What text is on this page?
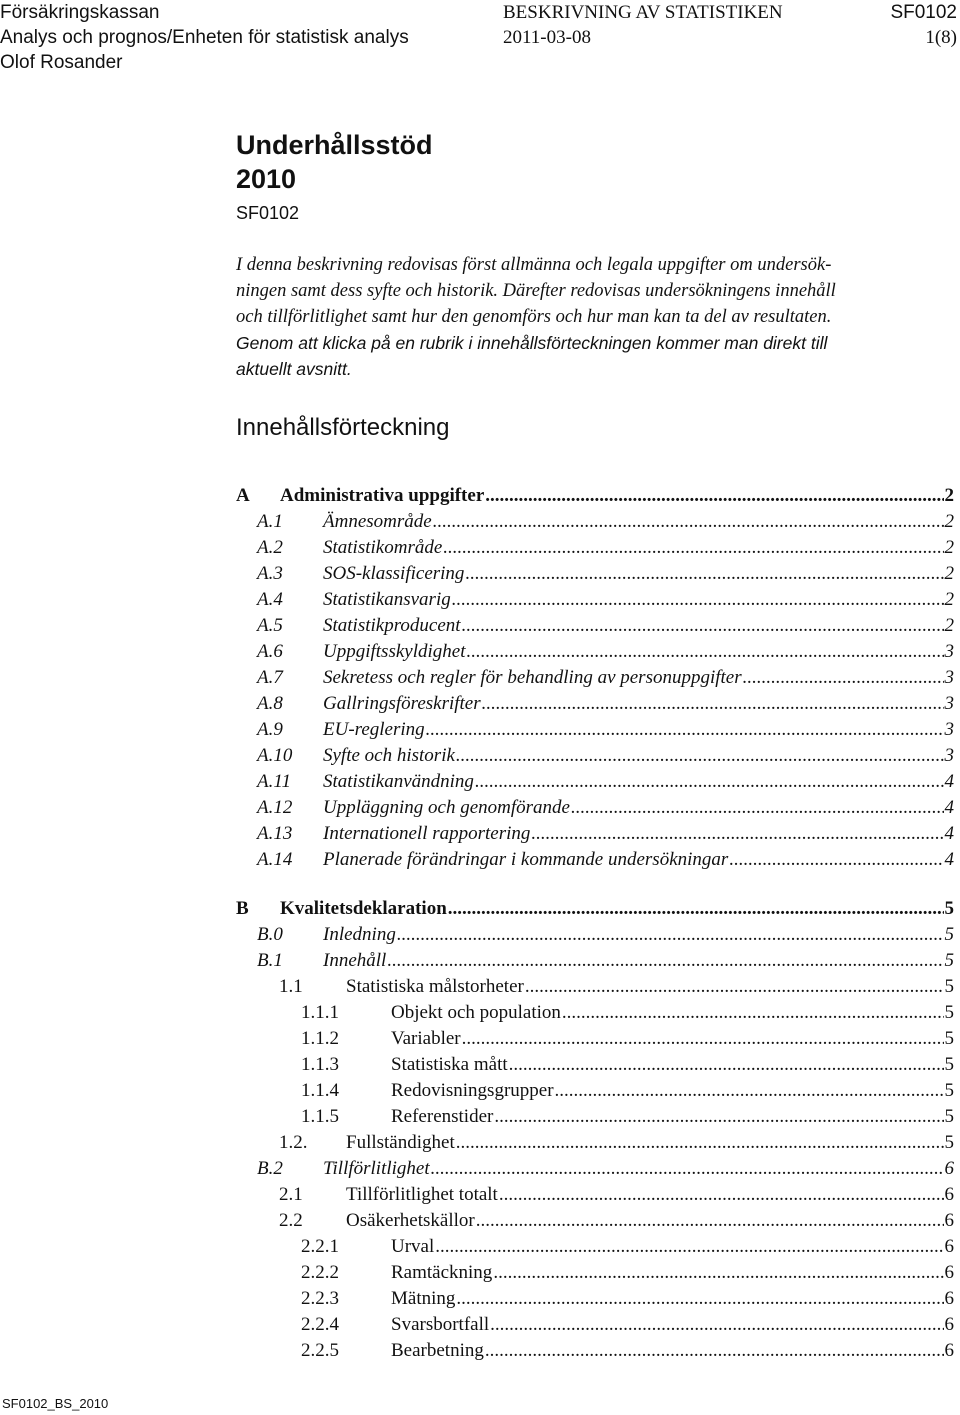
Försäkringskassan
Analys och prognos/Enheten för statistisk analys
Olof Rosander
BESKRIVNING AV STATISTIKEN
2011-03-08
SF0102
1(8)
Underhållsstöd
2010
SF0102
I denna beskrivning redovisas först allmänna och legala uppgifter om undersök-
ningen samt dess syfte och historik. Därefter redovisas undersökningens innehåll
och tillförlitlighet samt hur den genomförs och hur man kan ta del av resultaten.
Genom att klicka på en rubrik i innehållsförteckningen kommer man direkt till
aktuellt avsnitt.
Innehållsförteckning
A	Administrativa uppgifter .....	2
A.1	Ämnesområde .....	2
A.2	Statistikområde .....	2
A.3	SOS-klassificering .....	2
A.4	Statistikansvarig .....	2
A.5	Statistikproducent .....	2
A.6	Uppgiftsskyldighet .....	3
A.7	Sekretess och regler för behandling av personuppgifter .....	3
A.8	Gallringsföreskrifter .....	3
A.9	EU-reglering .....	3
A.10	Syfte och historik .....	3
A.11	Statistikanvändning .....	4
A.12	Uppläggning och genomförande .....	4
A.13	Internationell rapportering .....	4
A.14	Planerade förändringar i kommande undersökningar .....	4
B	Kvalitetsdeklaration .....	5
B.0	Inledning .....	5
B.1	Innehåll .....	5
1.1	Statistiska målstorheter .....	5
1.1.1	Objekt och population .....	5
1.1.2	Variabler .....	5
1.1.3	Statistiska mått .....	5
1.1.4	Redovisningsgrupper .....	5
1.1.5	Referenstider .....	5
1.2.	Fullständighet .....	5
B.2	Tillförlitlighet .....	6
2.1	Tillförlitlighet totalt .....	6
2.2	Osäkerhetskällor .....	6
2.2.1	Urval .....	6
2.2.2	Ramtäckning .....	6
2.2.3	Mätning .....	6
2.2.4	Svarsbortfall .....	6
2.2.5	Bearbetning .....	6
SF0102_BS_2010
